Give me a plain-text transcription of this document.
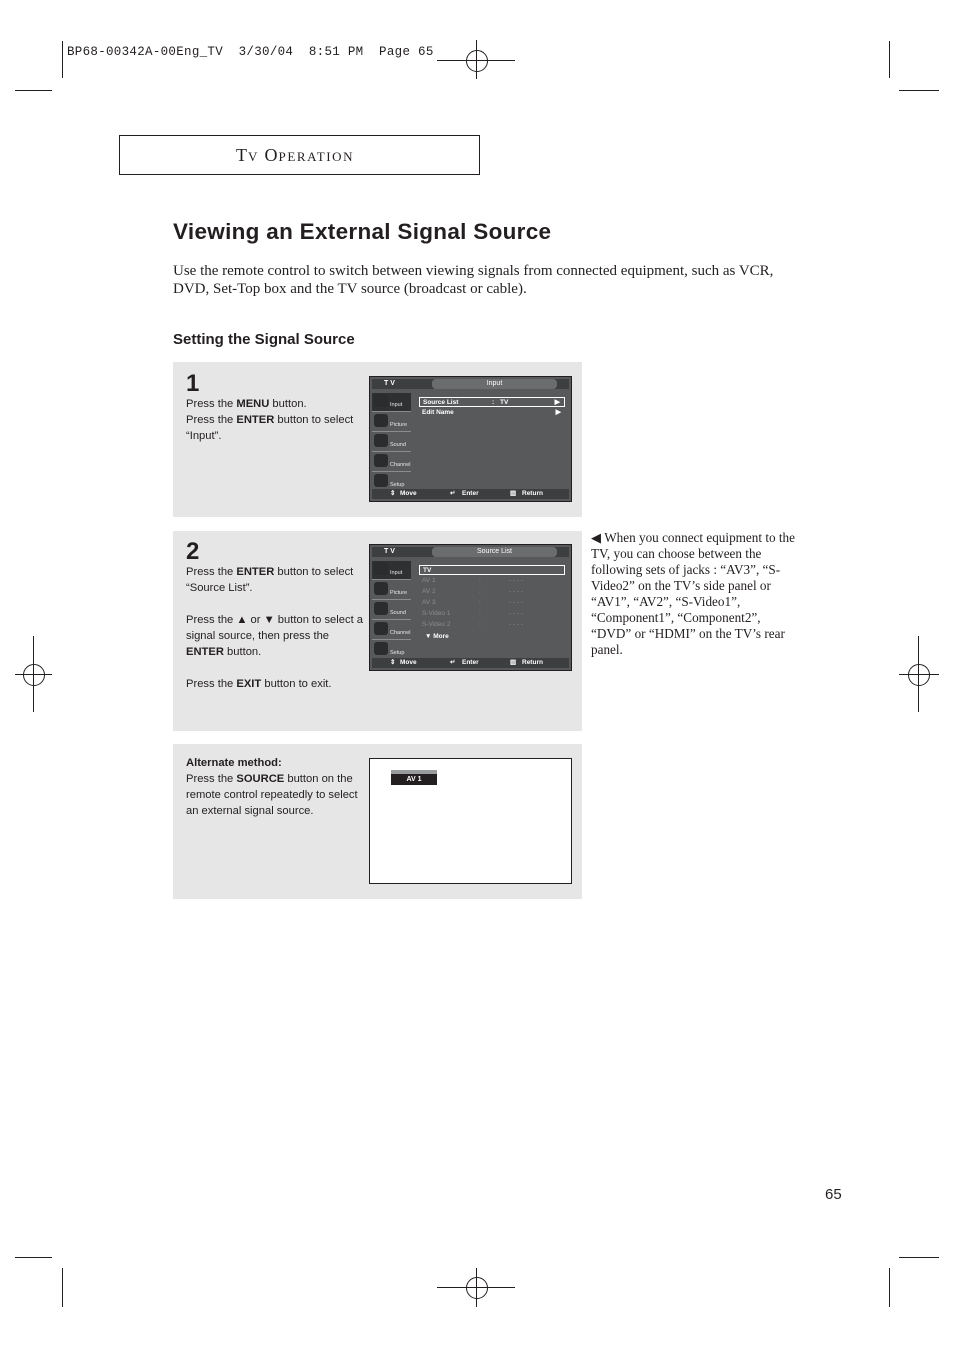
BP68-00342A-00Eng_TV  3/30/04  8:51 PM  Page 65
TV OPERATION
Viewing an External Signal Source
Use the remote control to switch between viewing signals from connected equipment, such as VCR, DVD, Set-Top box and the TV source (broadcast or cable).
Setting the Signal Source
1

Press the MENU button.

Press the ENTER button to select “Input”.

T V	Input
Input
Picture
Sound
Channel
Setup
Source List	: TV	▶
Edit Name	▶
⇕ Move	↵ Enter	▥ Return
2

Press the ENTER button to select “Source List”.

Press the ▲ or ▼ button to select a signal source, then press the ENTER button.

Press the EXIT button to exit.

T V	Source List
Input
Picture
Sound
Channel
Setup
TV
AV 1	:	- - - -
AV 2	:	- - - -
AV 3	:	- - - -
S-Video 1	:	- - - -
S-Video 2	:	- - - -
▼ More
⇕ Move	↵ Enter	▥ Return

Alternate method:

Press the SOURCE button on the remote control repeatedly to select an external signal source.

AV 1
◀ When you connect equipment to the TV, you can choose between the following sets of jacks : “AV3”, “S-Video2” on the TV’s side panel or “AV1”, “AV2”, “S-Video1”, “Component1”, “Component2”, “DVD” or “HDMI” on the TV’s rear panel.
65
